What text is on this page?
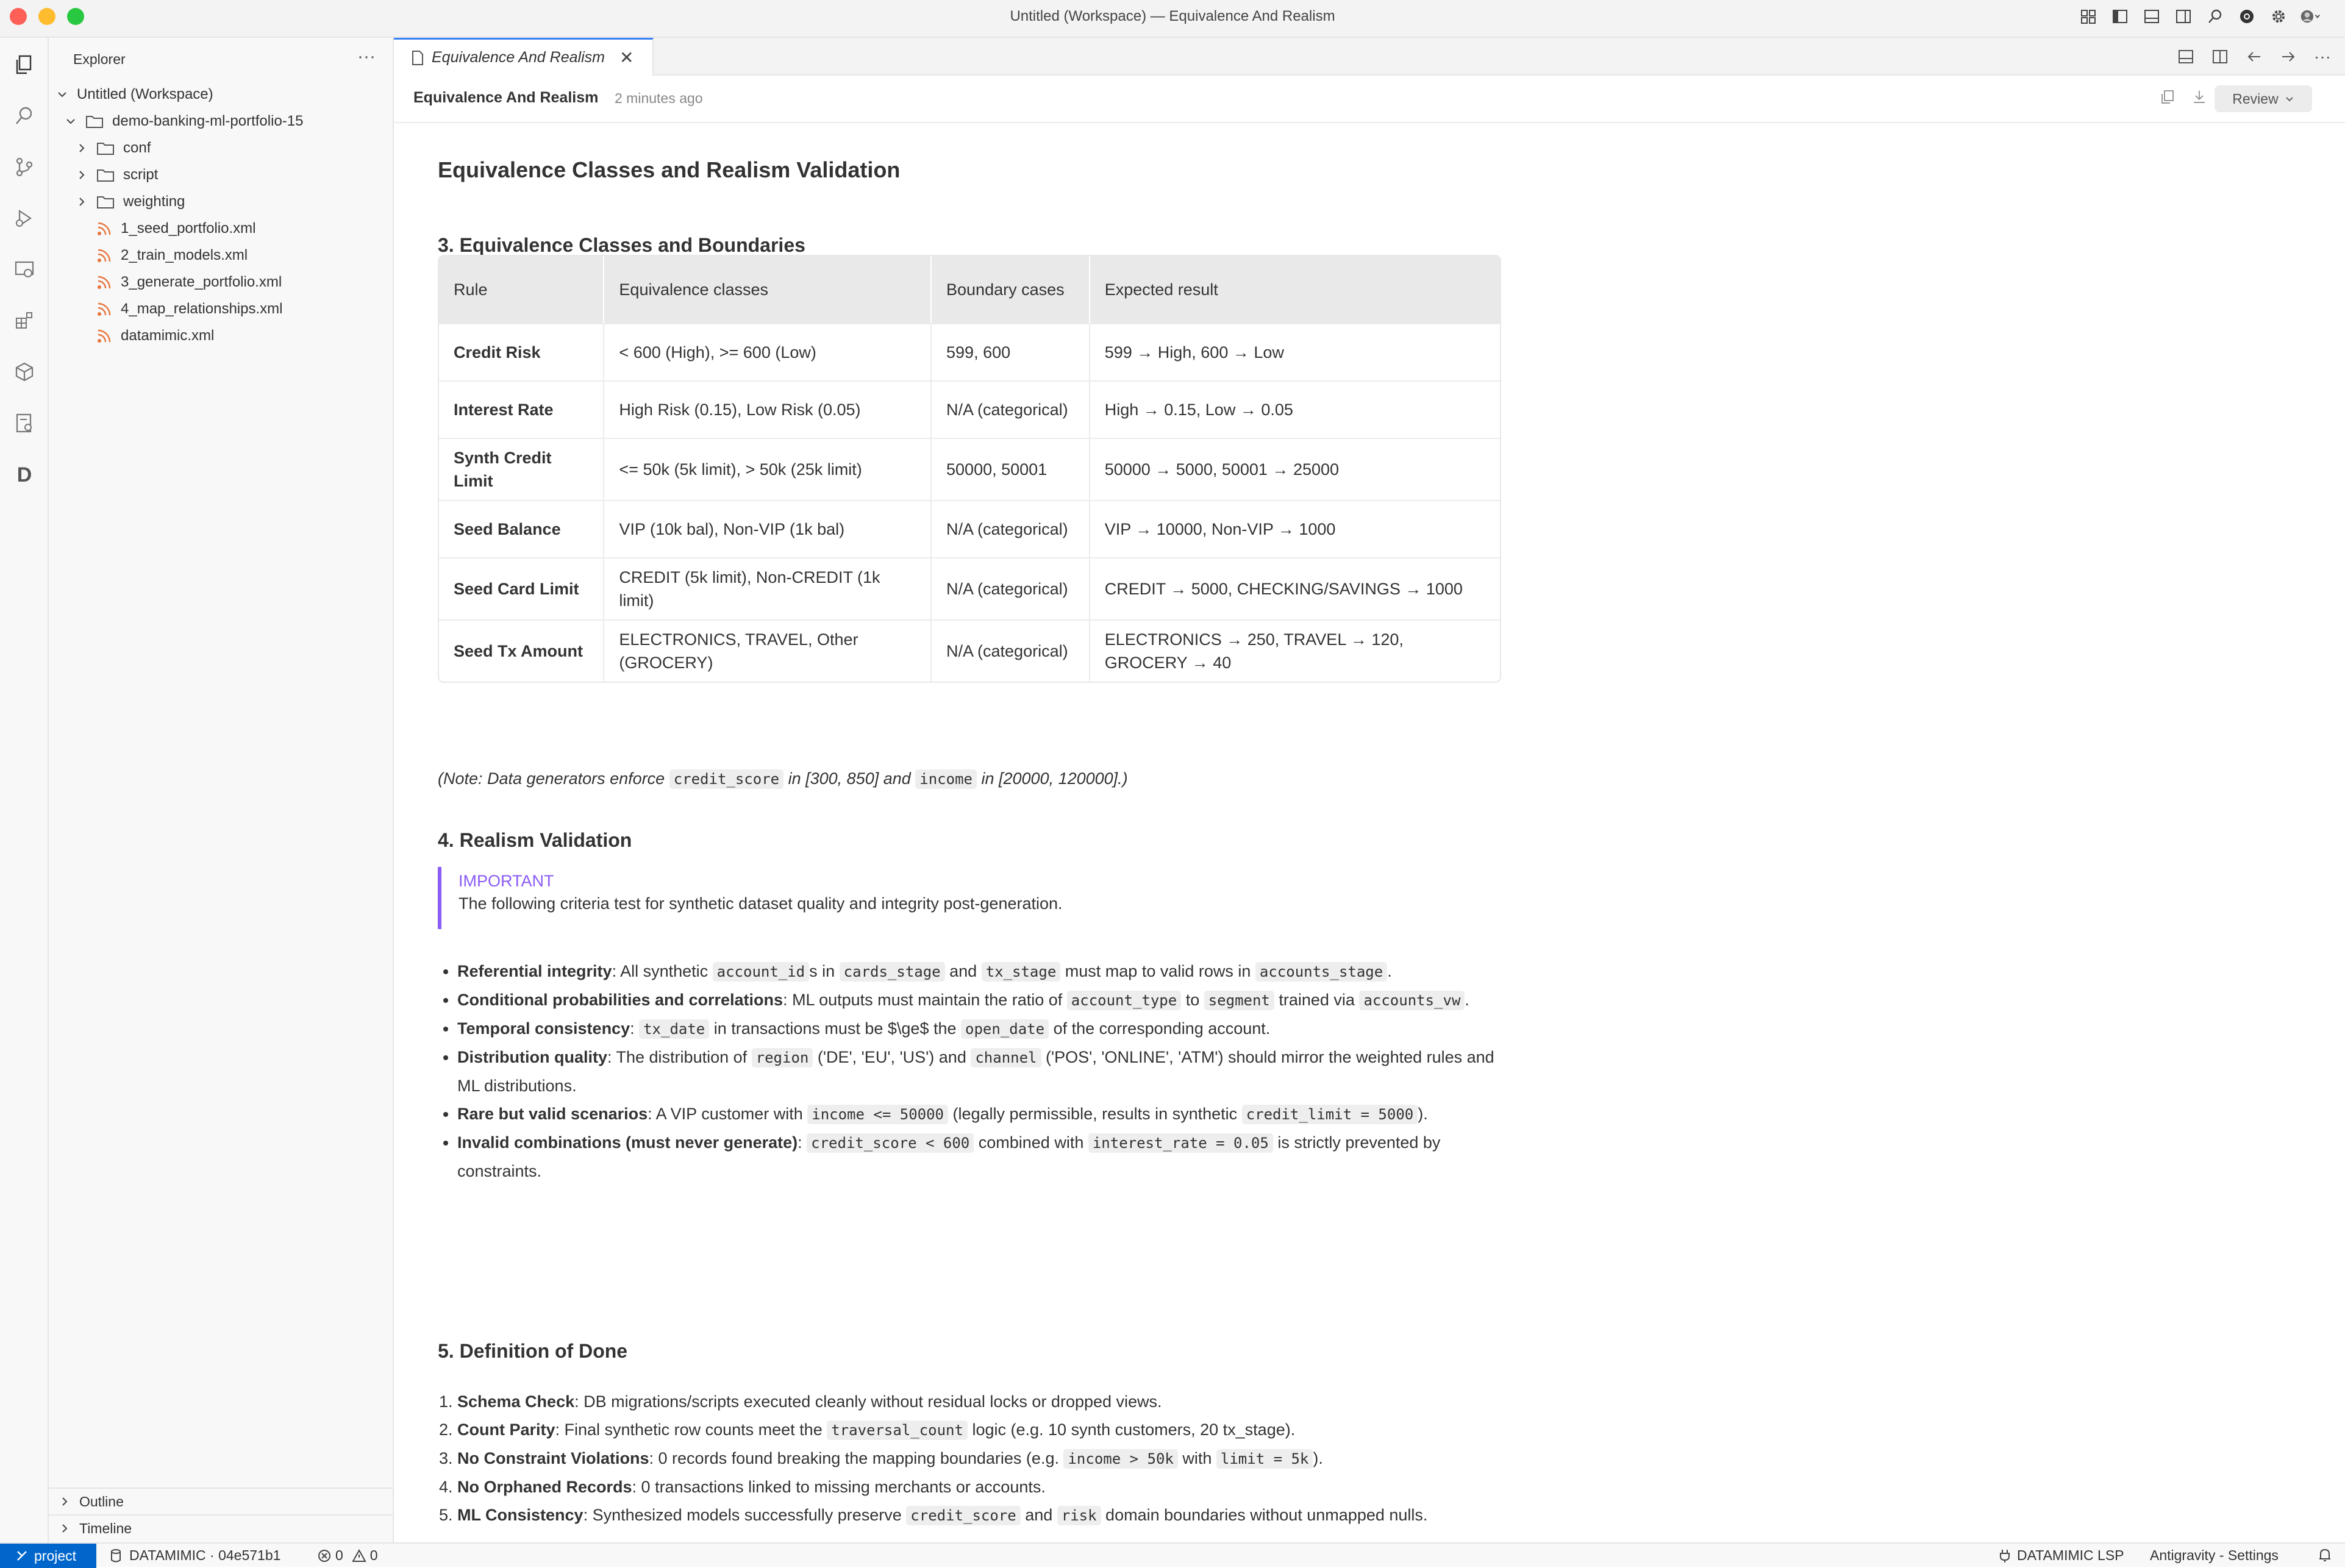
Untitled (Workspace) — Equivalence And Realism
D
Explorer	···
Untitled (Workspace)
demo-banking-ml-portfolio-15
conf
script
weighting
1_seed_portfolio.xml
2_train_models.xml
3_generate_portfolio.xml
4_map_relationships.xml
datamimic.xml
Outline
Timeline
Equivalence And Realism ✕	···
Equivalence And Realism 2 minutes ago	Review
Equivalence Classes and Realism Validation
3. Equivalence Classes and Boundaries
Rule	Equivalence classes	Boundary cases	Expected result
Credit Risk	< 600 (High), >= 600 (Low)	599, 600	599 → High, 600 → Low
Interest Rate	High Risk (0.15), Low Risk (0.05)	N/A (categorical)	High → 0.15, Low → 0.05
Synth Credit Limit	<= 50k (5k limit), > 50k (25k limit)	50000, 50001	50000 → 5000, 50001 → 25000
Seed Balance	VIP (10k bal), Non-VIP (1k bal)	N/A (categorical)	VIP → 10000, Non-VIP → 1000
Seed Card Limit	CREDIT (5k limit), Non-CREDIT (1k limit)	N/A (categorical)	CREDIT → 5000, CHECKING/SAVINGS → 1000
Seed Tx Amount	ELECTRONICS, TRAVEL, Other (GROCERY)	N/A (categorical)	ELECTRONICS → 250, TRAVEL → 120, GROCERY → 40
(Note: Data generators enforce credit_score in [300, 850] and income in [20000, 120000].)
4. Realism Validation
IMPORTANT
The following criteria test for synthetic dataset quality and integrity post-generation.
• Referential integrity: All synthetic account_id s in cards_stage and tx_stage must map to valid rows in accounts_stage .
• Conditional probabilities and correlations: ML outputs must maintain the ratio of account_type to segment trained via accounts_vw .
• Temporal consistency: tx_date in transactions must be $\ge$ the open_date of the corresponding account.
• Distribution quality: The distribution of region ('DE', 'EU', 'US') and channel ('POS', 'ONLINE', 'ATM') should mirror the weighted rules and ML distributions.
• Rare but valid scenarios: A VIP customer with income <= 50000 (legally permissible, results in synthetic credit_limit = 5000 ).
• Invalid combinations (must never generate): credit_score < 600 combined with interest_rate = 0.05 is strictly prevented by constraints.
5. Definition of Done
1. Schema Check: DB migrations/scripts executed cleanly without residual locks or dropped views.
2. Count Parity: Final synthetic row counts meet the traversal_count logic (e.g. 10 synth customers, 20 tx_stage).
3. No Constraint Violations: 0 records found breaking the mapping boundaries (e.g. income > 50k with limit = 5k ).
4. No Orphaned Records: 0 transactions linked to missing merchants or accounts.
5. ML Consistency: Synthesized models successfully preserve credit_score and risk domain boundaries without unmapped nulls.
project	DATAMIMIC · 04e571b1	0 0	DATAMIMIC LSP Antigravity - Settings
